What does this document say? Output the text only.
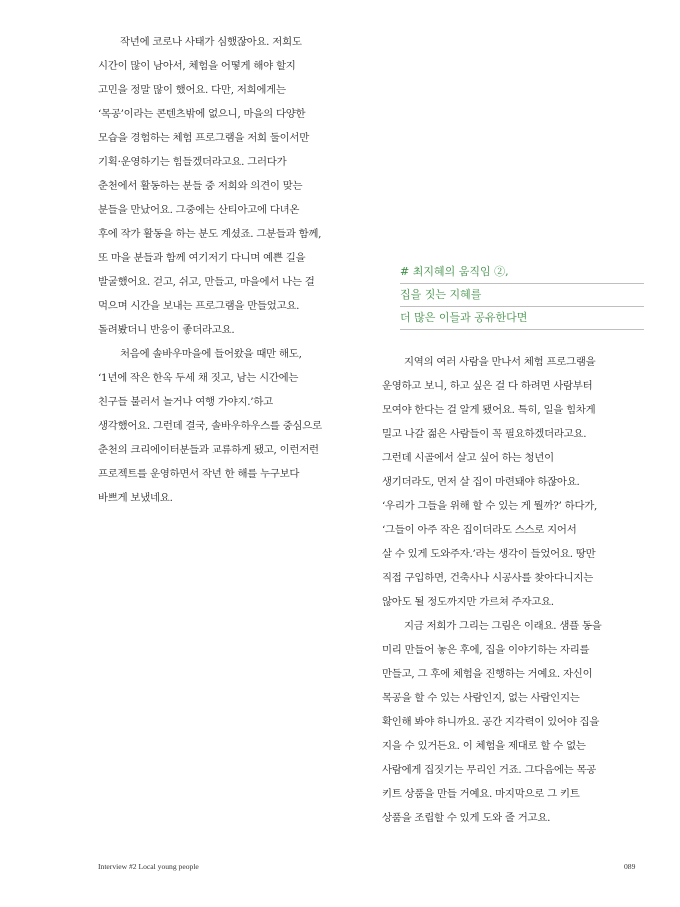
작년에 코로나 사태가 심했잖아요. 저희도
시간이 많이 남아서, 체험을 어떻게 해야 할지
고민을 정말 많이 했어요. 다만, 저희에게는
‘목공’이라는 콘텐츠밖에 없으니, 마을의 다양한
모습을 경험하는 체험 프로그램을 저희 둘이서만
기획·운영하기는 힘들겠더라고요. 그러다가
춘천에서 활동하는 분들 중 저희와 의견이 맞는
분들을 만났어요. 그중에는 산티아고에 다녀온
후에 작가 활동을 하는 분도 계셨죠. 그분들과 함께,
또 마을 분들과 함께 여기저기 다니며 예쁜 길을
발굴했어요. 걷고, 쉬고, 만들고, 마을에서 나는 걸
먹으며 시간을 보내는 프로그램을 만들었고요.
돌려봤더니 반응이 좋더라고요.
처음에 솔바우마을에 들어왔을 때만 해도,
‘1년에 작은 한옥 두세 채 짓고, 남는 시간에는
친구들 불러서 놀거나 여행 가야지.’하고
생각했어요. 그런데 결국, 솔바우하우스를 중심으로
춘천의 크리에이터분들과 교류하게 됐고, 이런저런
프로젝트를 운영하면서 작년 한 해를 누구보다
바쁘게 보냈네요.
# 최지혜의 움직임 ②,
집을 짓는 지혜를
더 많은 이들과 공유한다면
지역의 여러 사람을 만나서 체험 프로그램을
운영하고 보니, 하고 싶은 걸 다 하려면 사람부터
모여야 한다는 걸 알게 됐어요. 특히, 일을 힘차게
밀고 나갈 젊은 사람들이 꼭 필요하겠더라고요.
그런데 시골에서 살고 싶어 하는 청년이
생기더라도, 먼저 살 집이 마련돼야 하잖아요.
‘우리가 그들을 위해 할 수 있는 게 뭘까?’ 하다가,
‘그들이 아주 작은 집이더라도 스스로 지어서
살 수 있게 도와주자.’라는 생각이 들었어요. 땅만
직접 구입하면, 건축사나 시공사를 찾아다니지는
않아도 될 정도까지만 가르쳐 주자고요.
지금 저희가 그리는 그림은 이래요. 샘플 동을
미리 만들어 놓은 후에, 집을 이야기하는 자리를
만들고, 그 후에 체험을 진행하는 거예요. 자신이
목공을 할 수 있는 사람인지, 없는 사람인지는
확인해 봐야 하니까요. 공간 지각력이 있어야 집을
지을 수 있거든요. 이 체험을 제대로 할 수 없는
사람에게 집짓기는 무리인 거죠. 그다음에는 목공
키트 상품을 만들 거예요. 마지막으로 그 키트
상품을 조립할 수 있게 도와 줄 거고요.
Interview #2 Local young people	089
